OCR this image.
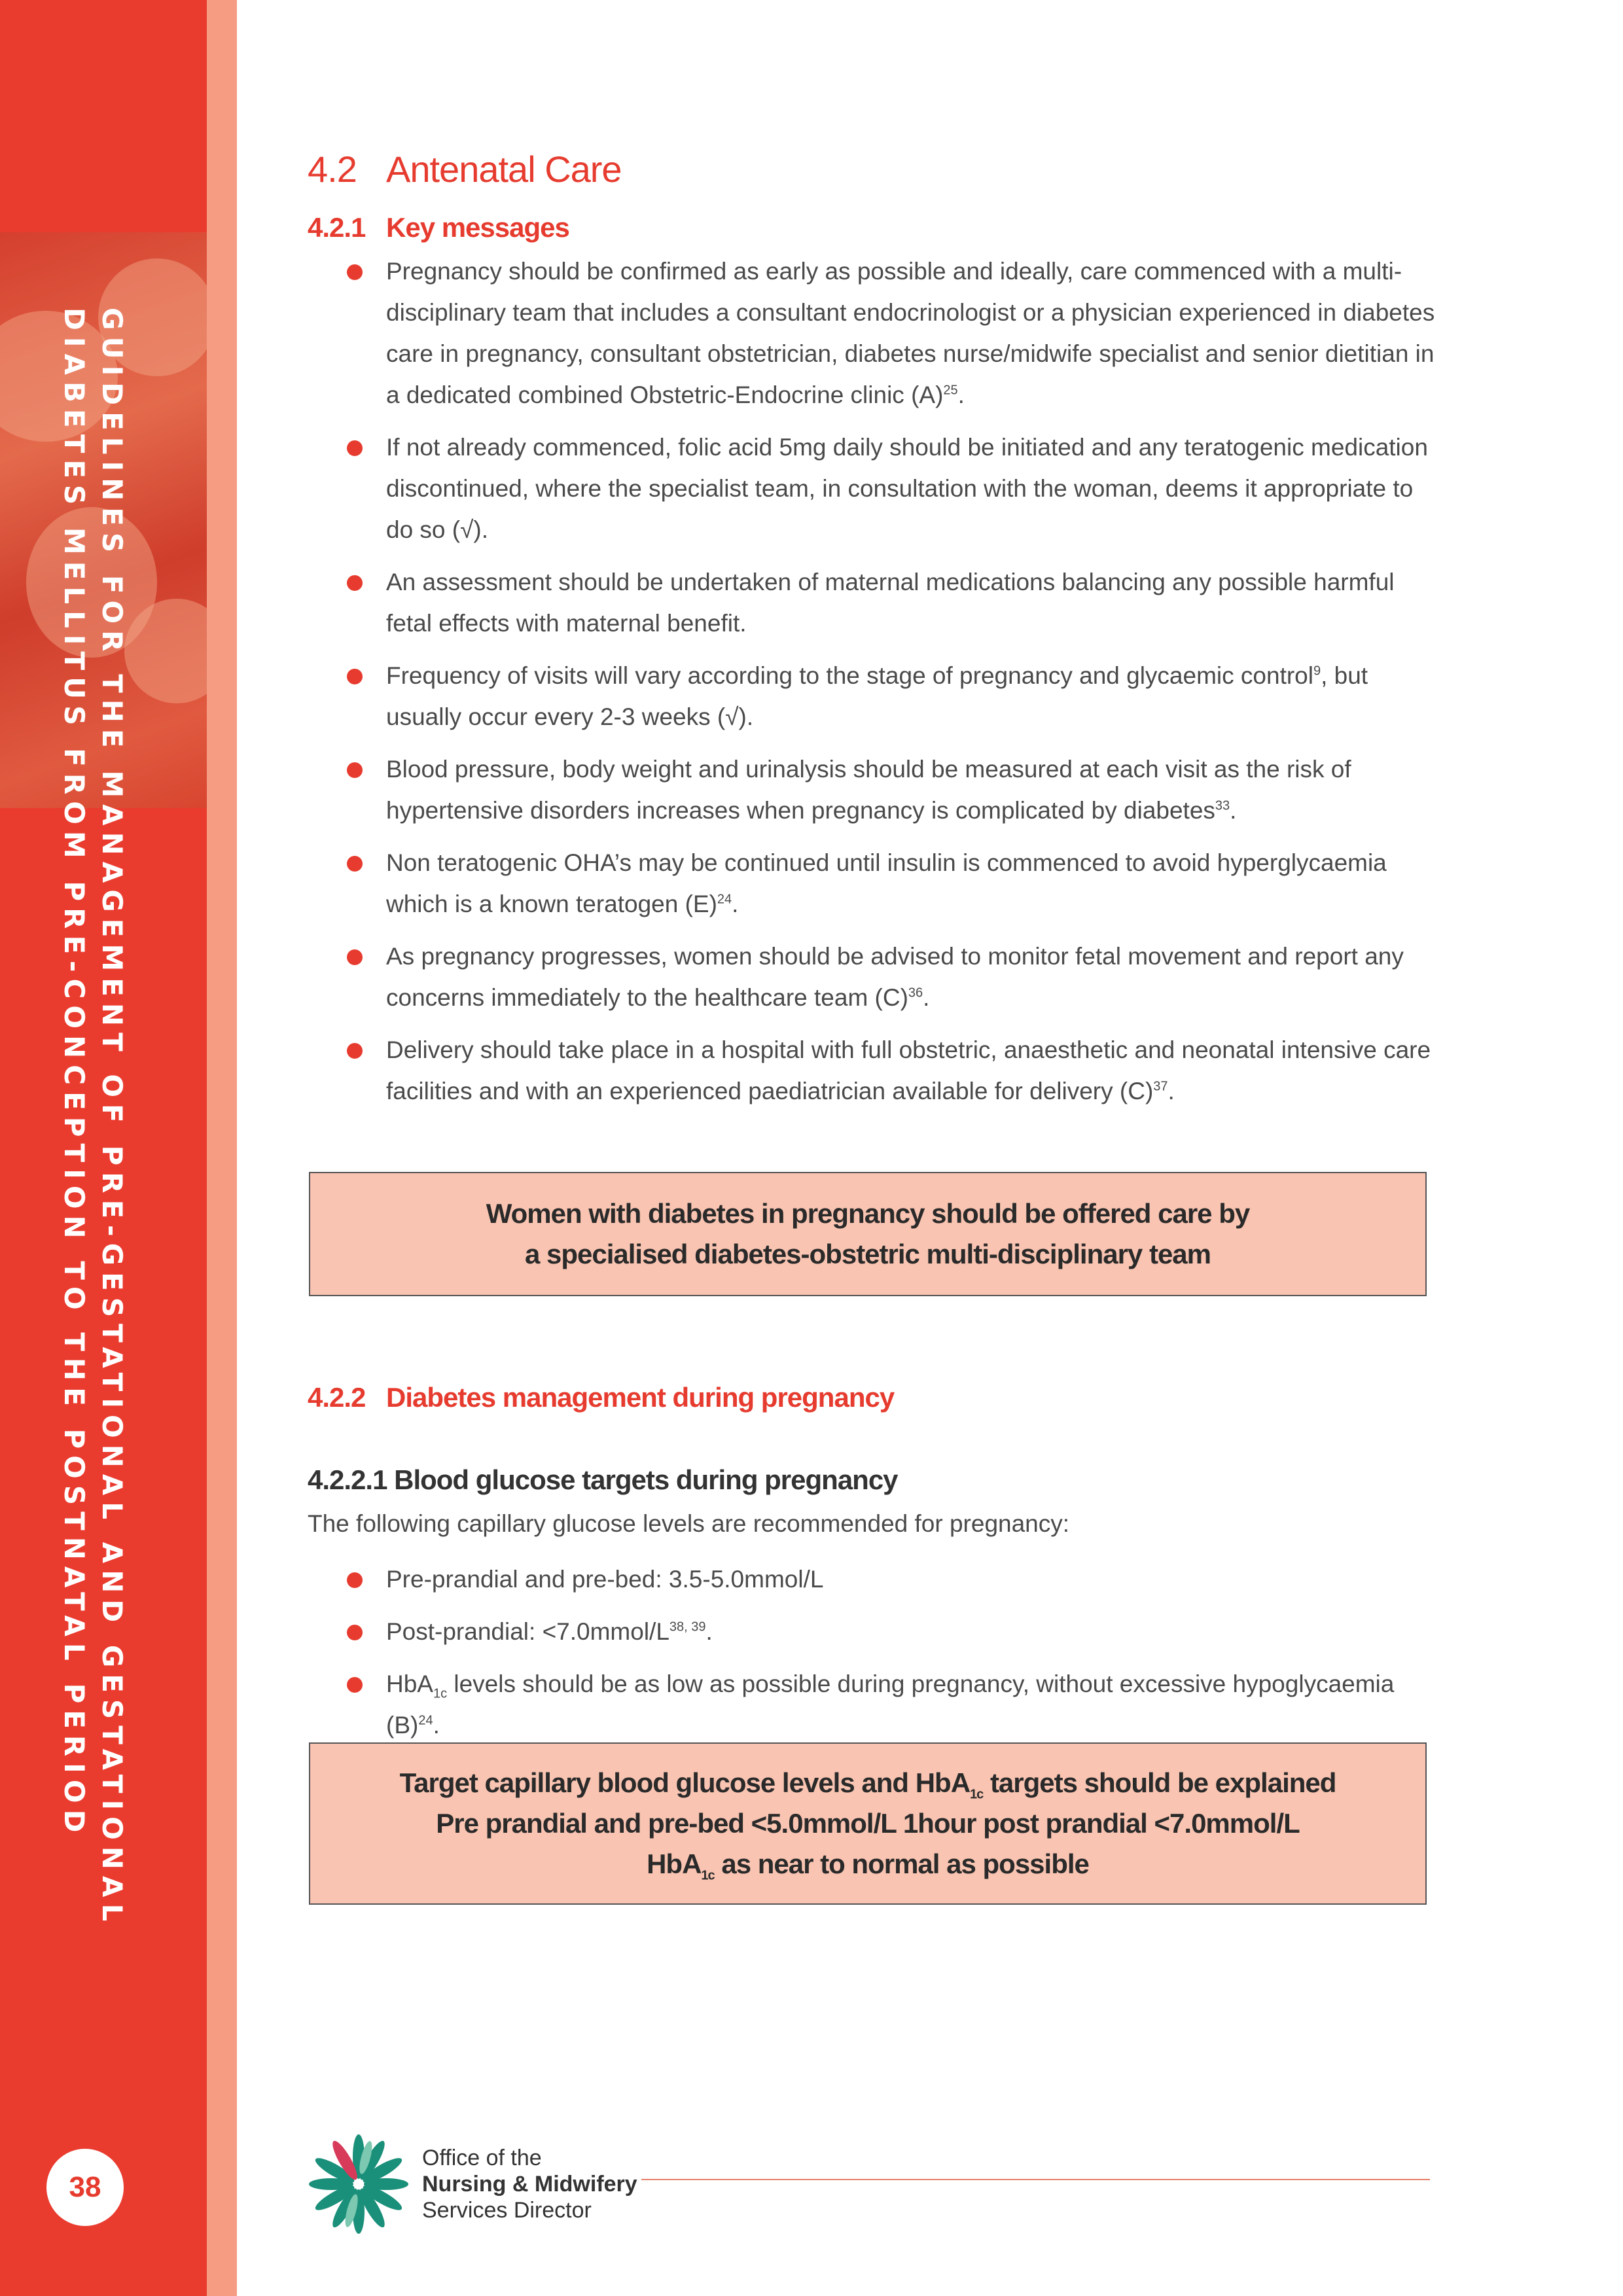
GUIDELINES FOR THE MANAGEMENT OF PRE-GESTATIONAL AND GESTATIONAL
DIABETES MELLITUS FROM PRE-CONCEPTION TO THE POSTNATAL PERIOD
38
4.2 Antenatal Care
4.2.1 Key messages
Pregnancy should be confirmed as early as possible and ideally, care commenced with a multi-disciplinary team that includes a consultant endocrinologist or a physician experienced in diabetes care in pregnancy, consultant obstetrician, diabetes nurse/midwife specialist and senior dietitian in a dedicated combined Obstetric-Endocrine clinic $(A)^{25}$.
If not already commenced, folic acid 5mg daily should be initiated and any teratogenic medication discontinued, where the specialist team, in consultation with the woman, deems it appropriate to do so (√).
An assessment should be undertaken of maternal medications balancing any possible harmful fetal effects with maternal benefit.
Frequency of visits will vary according to the stage of pregnancy and glycaemic control$^9$, but usually occur every 2-3 weeks (√).
Blood pressure, body weight and urinalysis should be measured at each visit as the risk of hypertensive disorders increases when pregnancy is complicated by diabetes$^{33}$.
Non teratogenic OHA’s may be continued until insulin is commenced to avoid hyperglycaemia which is a known teratogen $(E)^{24}$.
As pregnancy progresses, women should be advised to monitor fetal movement and report any concerns immediately to the healthcare team $(C)^{36}$.
Delivery should take place in a hospital with full obstetric, anaesthetic and neonatal intensive care facilities and with an experienced paediatrician available for delivery $(C)^{37}$.
Women with diabetes in pregnancy should be offered care by
a specialised diabetes-obstetric multi-disciplinary team
4.2.2 Diabetes management during pregnancy
4.2.2.1 Blood glucose targets during pregnancy
The following capillary glucose levels are recommended for pregnancy:
Pre-prandial and pre-bed: 3.5-5.0mmol/L
Post-prandial: $<7.0mmol/L^{38, 39}$.
HbA$_{1c}$ levels should be as low as possible during pregnancy, without excessive hypoglycaemia $(B)^{24}$.
Target capillary blood glucose levels and HbA$_{1c}$ targets should be explained
Pre prandial and pre-bed <5.0mmol/L 1hour post prandial <7.0mmol/L
HbA$_{1c}$ as near to normal as possible
Office of the
Nursing & Midwifery
Services Director
